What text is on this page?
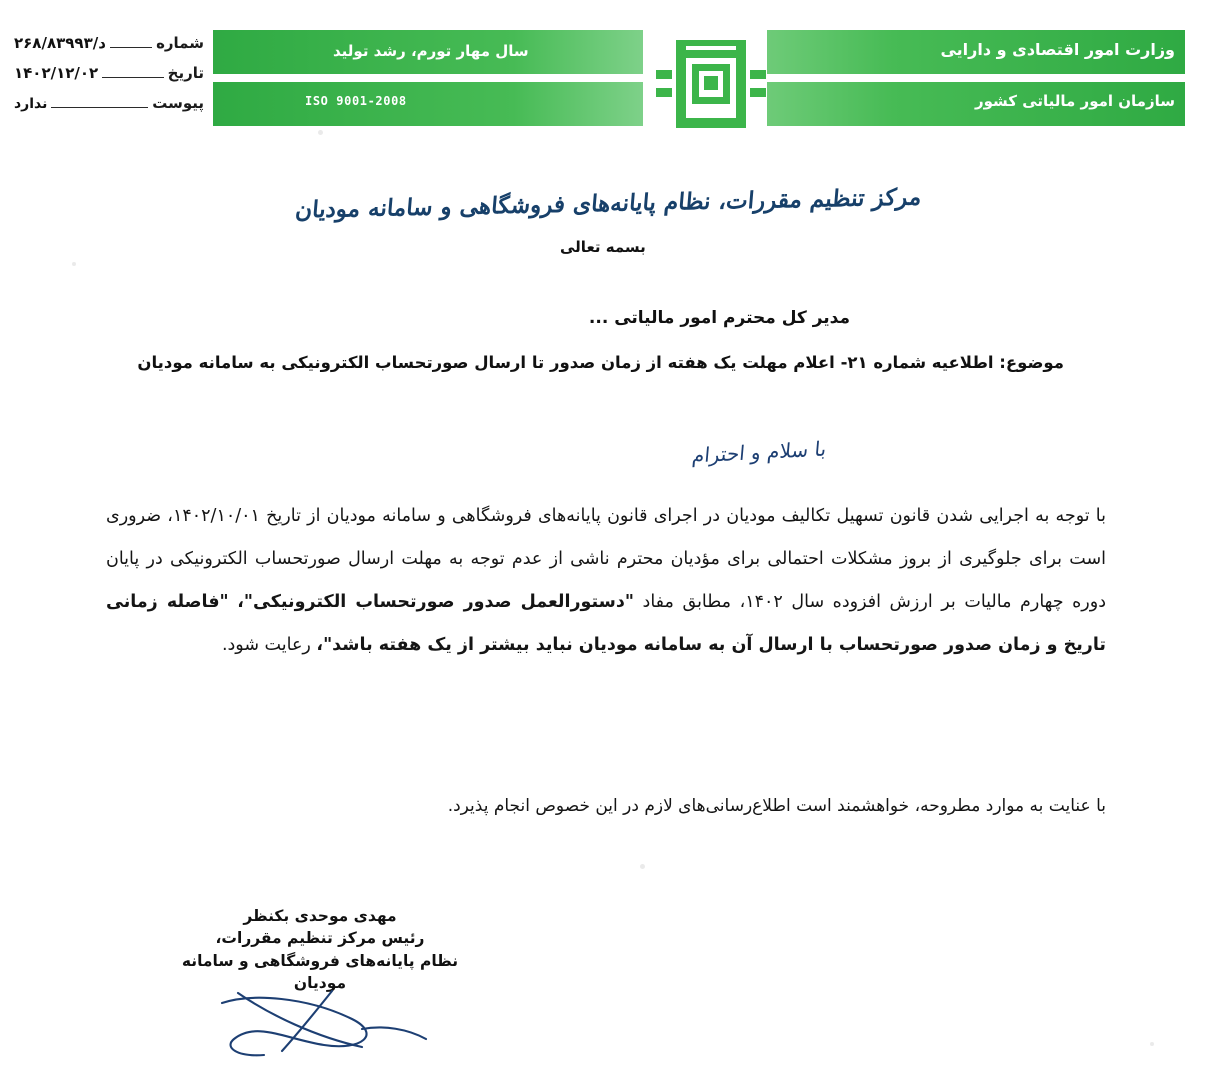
شماره
د/۲۶۸/۸۳۹۹۳
تاریخ
۱۴۰۲/۱۲/۰۲
پیوست
ندارد
وزارت امور اقتصادی و دارایی
سازمان امور مالیاتی کشور
سال مهار تورم، رشد تولید
ISO 9001-2008
مرکز تنظیم مقررات، نظام پایانه‌های فروشگاهی و سامانه مودیان
بسمه تعالی
مدیر کل محترم امور مالیاتی ...
موضوع: اطلاعیه شماره ۲۱- اعلام مهلت یک هفته از زمان صدور تا ارسال صورتحساب الکترونیکی به سامانه مودیان
با سلام و احترام

با توجه به اجرایی شدن قانون تسهیل تکالیف مودیان در اجرای قانون پایانه‌های فروشگاهی و سامانه مودیان از تاریخ ۱۴۰۲/۱۰/۰۱، ضروری است برای جلوگیری از بروز مشکلات احتمالی برای مؤدیان محترم ناشی از عدم توجه به مهلت ارسال صورتحساب الکترونیکی در پایان دوره چهارم مالیات بر ارزش افزوده سال ۱۴۰۲، مطابق مفاد "دستورالعمل صدور صورتحساب الکترونیکی"، "فاصله زمانی تاریخ و زمان صدور صورتحساب با ارسال آن به سامانه مودیان نباید بیشتر از یک هفته باشد"، رعایت شود.

با عنایت به موارد مطروحه، خواهشمند است اطلاع‌رسانی‌های لازم در این خصوص انجام پذیرد.
مهدی موحدی بکنظر
رئیس مرکز تنظیم مقررات،
نظام پایانه‌های فروشگاهی و سامانه مودیان
